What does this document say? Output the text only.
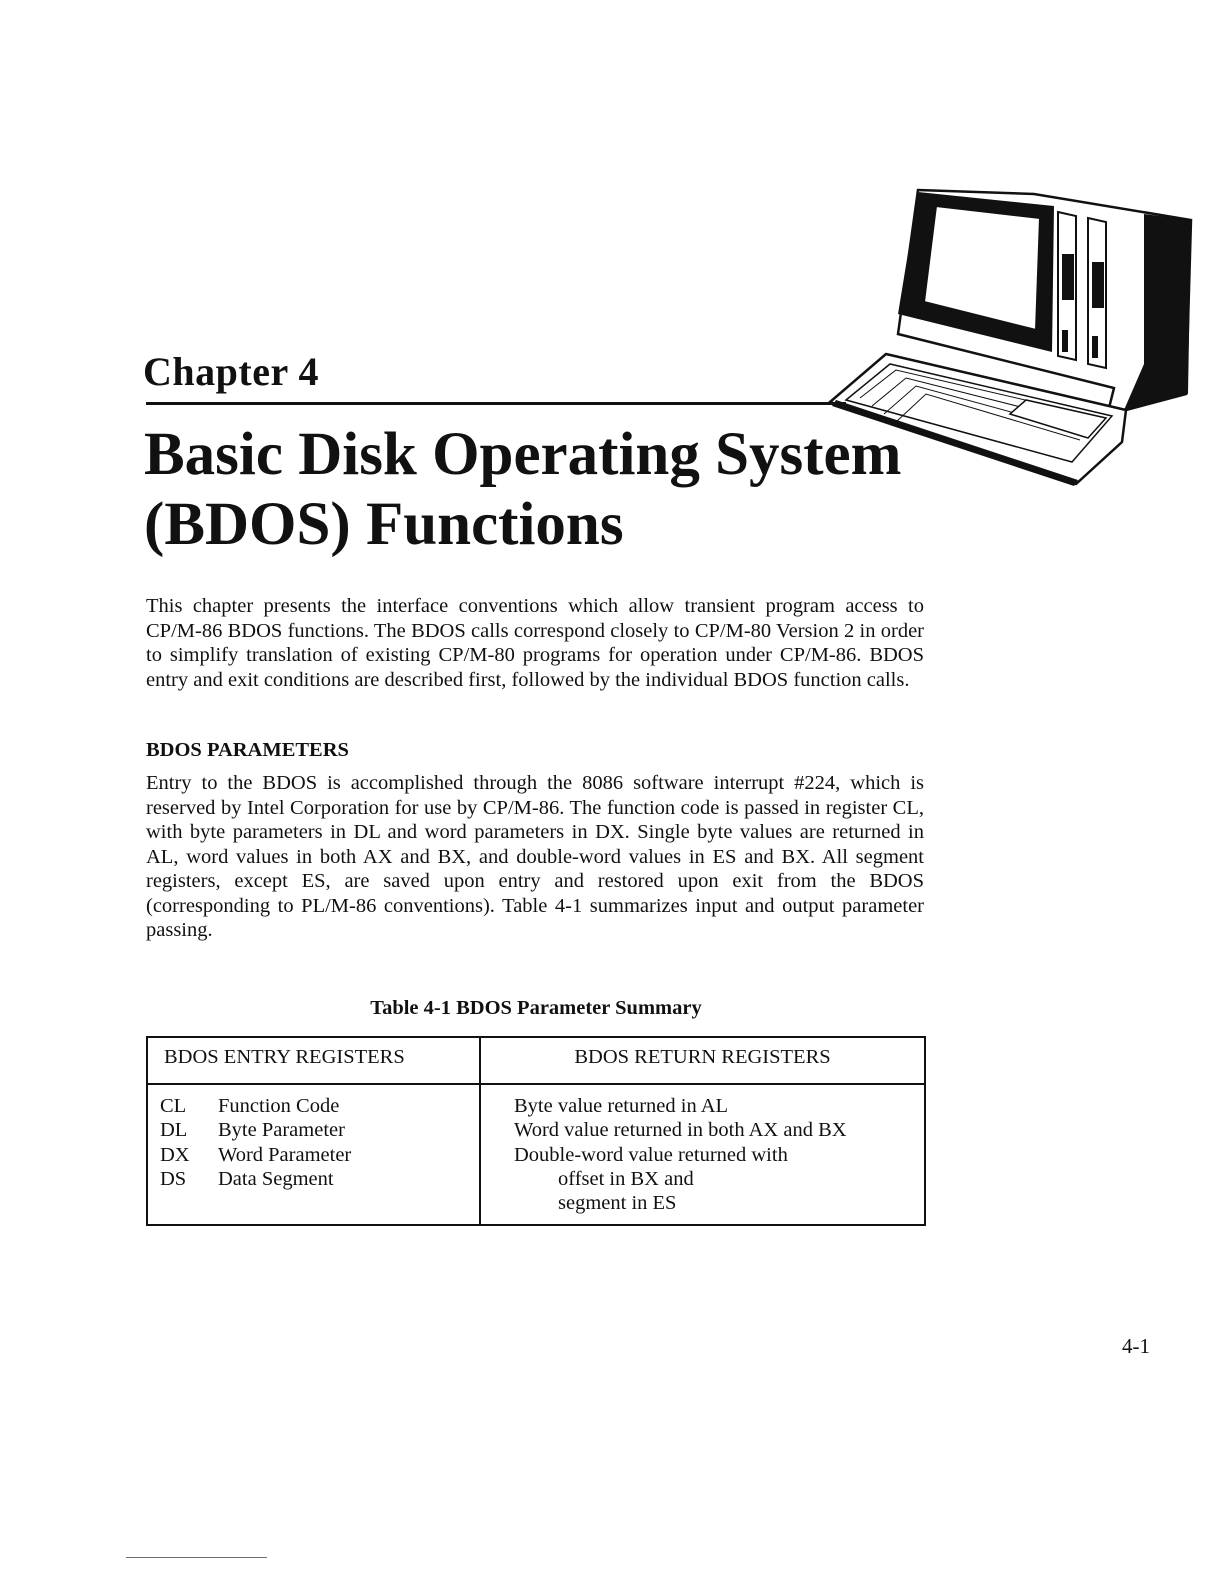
Chapter 4
Basic Disk Operating System
(BDOS) Functions

This chapter presents the interface conventions which allow transient program access to CP/M-86 BDOS functions. The BDOS calls correspond closely to CP/M-80 Version 2 in order to simplify translation of existing CP/M-80 programs for operation under CP/M-86. BDOS entry and exit conditions are described first, followed by the individual BDOS function calls.

BDOS PARAMETERS

Entry to the BDOS is accomplished through the 8086 software interrupt #224, which is reserved by Intel Corporation for use by CP/M-86. The function code is passed in register CL, with byte parameters in DL and word parameters in DX. Single byte values are returned in AL, word values in both AX and BX, and double-word values in ES and BX. All segment registers, except ES, are saved upon entry and restored upon exit from the BDOS (corresponding to PL/M-86 conventions). Table 4-1 summarizes input and output parameter passing.

Table 4-1 BDOS Parameter Summary
BDOS ENTRY REGISTERS	BDOS RETURN REGISTERS
CL Function Code
DL Byte Parameter
DX Word Parameter
DS Data Segment
Byte value returned in AL
Word value returned in both AX and BX
Double-word value returned with
offset in BX and
segment in ES
4-1
